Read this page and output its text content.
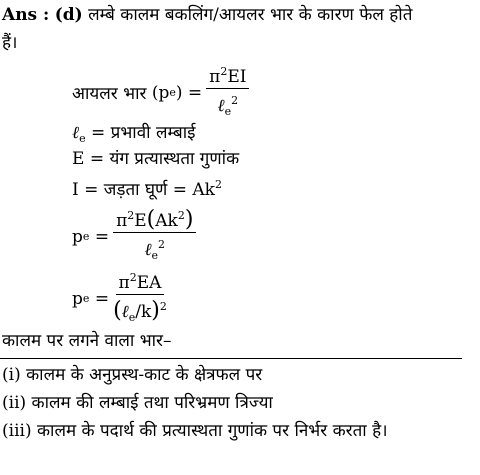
Ans : (d) लम्बे कालम बकलिंग/आयलर भार के कारण फेल होते
हैं।
आयलर भार
(p e ) = $\frac{\pi^2EI}{\ell_e^2}$
ℓ$_e$ = प्रभावी लम्बाई
E = यंग प्रत्यास्थता गुणांक
I = जड़ता घूर्ण = $Ak^2$
p e
= $\frac{\pi^2E(Ak^2)}{\ell_e^2}$
p e
= $\frac{\pi^2EA}{(\ell_e/k)^2}$
कालम पर लगने वाला भार–
(i) कालम के अनुप्रस्थ-काट के क्षेत्रफल पर
(ii) कालम की लम्बाई तथा परिभ्रमण त्रिज्या
(iii) कालम के पदार्थ की प्रत्यास्थता गुणांक पर निर्भर करता है।
